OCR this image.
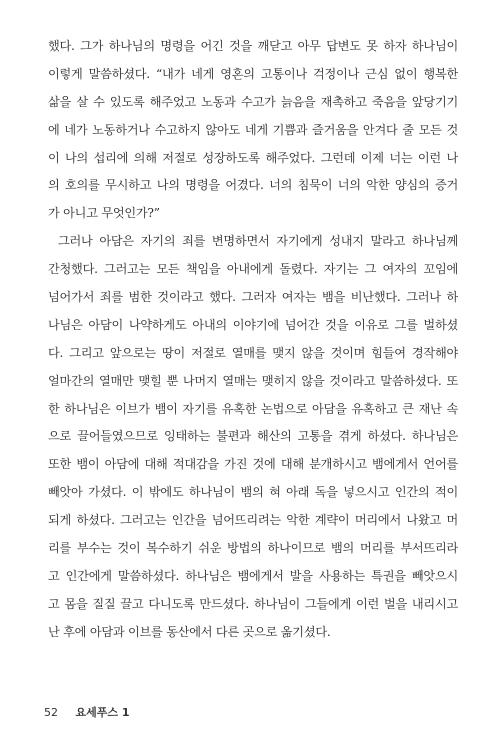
했다. 그가 하나님의 명령을 어긴 것을 깨닫고 아무 답변도 못 하자 하나님이
이렇게 말씀하셨다. “내가 네게 영혼의 고통이나 걱정이나 근심 없이 행복한
삶을 살 수 있도록 해주었고 노동과 수고가 늙음을 재촉하고 죽음을 앞당기기
에 네가 노동하거나 수고하지 않아도 네게 기쁨과 즐거움을 안겨다 줄 모든 것
이 나의 섭리에 의해 저절로 성장하도록 해주었다. 그런데 이제 너는 이런 나
의 호의를 무시하고 나의 명령을 어겼다. 너의 침묵이 너의 악한 양심의 증거
가 아니고 무엇인가?”
그러나 아담은 자기의 죄를 변명하면서 자기에게 성내지 말라고 하나님께
간청했다. 그러고는 모든 책임을 아내에게 돌렸다. 자기는 그 여자의 꼬임에
넘어가서 죄를 범한 것이라고 했다. 그러자 여자는 뱀을 비난했다. 그러나 하
나님은 아담이 나약하게도 아내의 이야기에 넘어간 것을 이유로 그를 벌하셨
다. 그리고 앞으로는 땅이 저절로 열매를 맺지 않을 것이며 힘들여 경작해야
얼마간의 열매만 맺힐 뿐 나머지 열매는 맺히지 않을 것이라고 말씀하셨다. 또
한 하나님은 이브가 뱀이 자기를 유혹한 논법으로 아담을 유혹하고 큰 재난 속
으로 끌어들였으므로 잉태하는 불편과 해산의 고통을 겪게 하셨다. 하나님은
또한 뱀이 아담에 대해 적대감을 가진 것에 대해 분개하시고 뱀에게서 언어를
빼앗아 가셨다. 이 밖에도 하나님이 뱀의 혀 아래 독을 넣으시고 인간의 적이
되게 하셨다. 그러고는 인간을 넘어뜨리려는 악한 계략이 머리에서 나왔고 머
리를 부수는 것이 복수하기 쉬운 방법의 하나이므로 뱀의 머리를 부서뜨리라
고 인간에게 말씀하셨다. 하나님은 뱀에게서 발을 사용하는 특권을 빼앗으시
고 몸을 질질 끌고 다니도록 만드셨다. 하나님이 그들에게 이런 벌을 내리시고
난 후에 아담과 이브를 동산에서 다른 곳으로 옮기셨다.
52 요세푸스 1
